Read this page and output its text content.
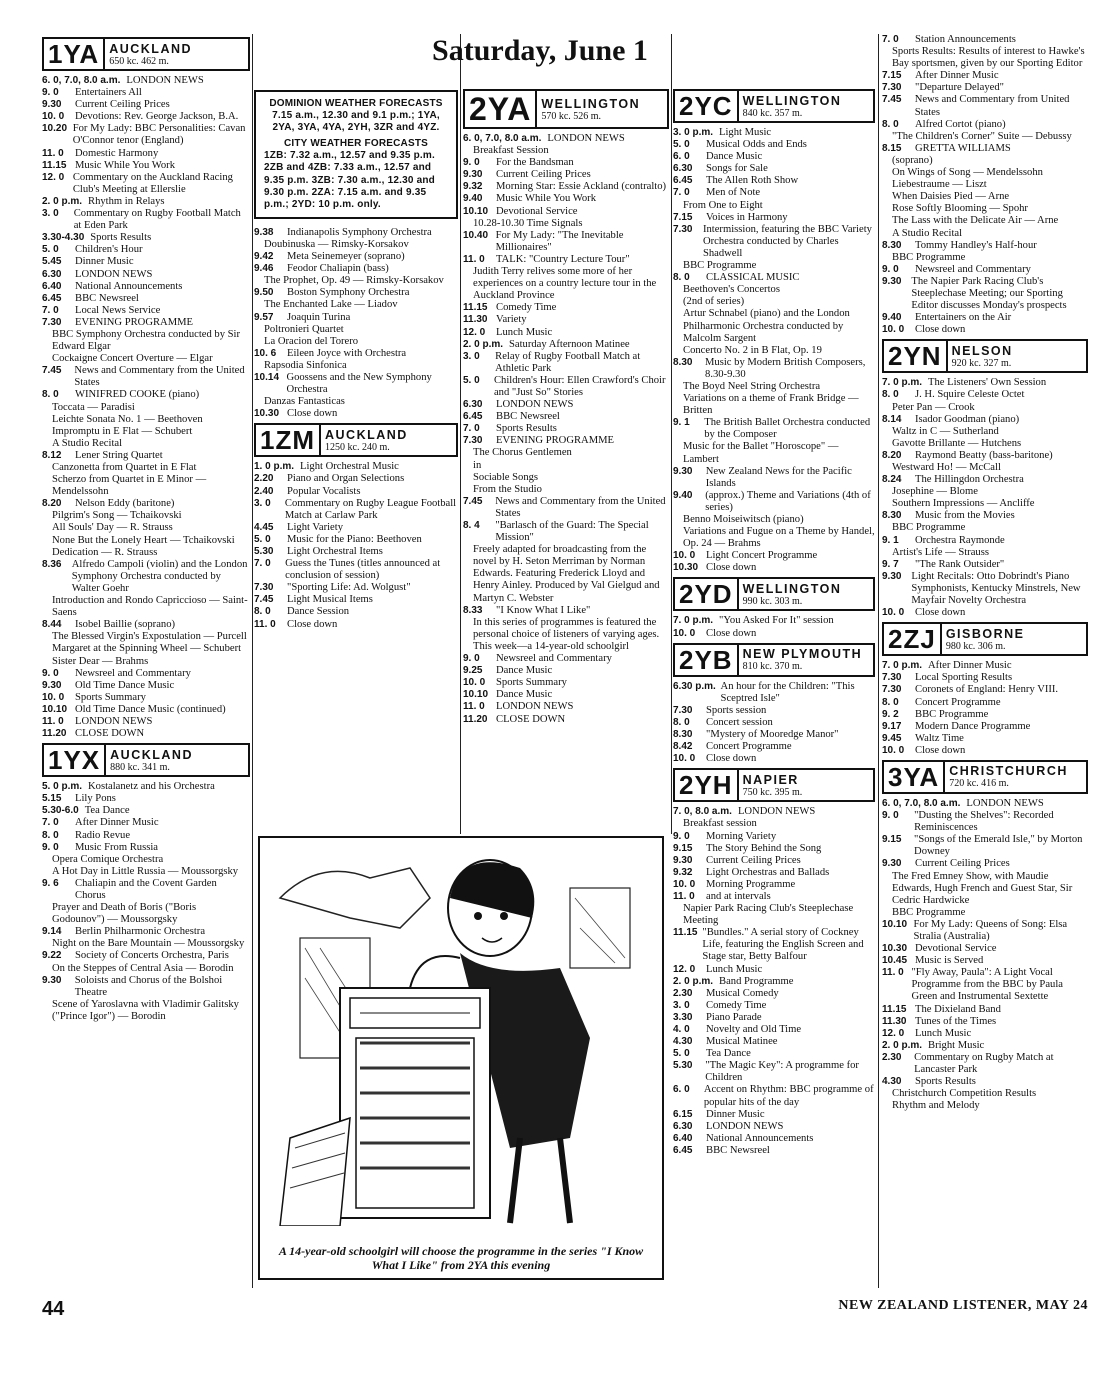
Saturday, June 1
1YA AUCKLAND
650 kc. 462 m.
6. 0, 7.0, 8.0 a.m. LONDON NEWS
9. 0	Entertainers All
9.30	Current Ceiling Prices
10. 0	Devotions: Rev. George Jackson, B.A.
10.20 For My Lady: BBC Personalities: Cavan O'Connor tenor (England)
11. 0	Domestic Harmony
11.15 Music While You Work
12. 0 Commentary on the Auckland Racing Club's Meeting at Ellerslie
2. 0 p.m. Rhythm in Relays
3. 0	Commentary on Rugby Football Match at Eden Park
3.30-4.30 Sports Results
5. 0	Children's Hour
5.45	Dinner Music
6.30	LONDON NEWS
6.40	National Announcements
6.45	BBC Newsreel
7. 0	Local News Service
7.30	EVENING PROGRAMME
BBC Symphony Orchestra conducted by Sir Edward Elgar
Cockaigne Concert Overture — Elgar
7.45	News and Commentary from the United States
8. 0	WINIFRED COOKE (piano)
Toccata — Paradisi
Leichte Sonata No. 1 — Beethoven
Impromptu in E Flat — Schubert
A Studio Recital
8.12	Lener String Quartet
Canzonetta from Quartet in E Flat
Scherzo from Quartet in E Minor — Mendelssohn
8.20	Nelson Eddy (baritone)
Pilgrim's Song — Tchaikovski
All Souls' Day — R. Strauss
None But the Lonely Heart — Tchaikovski
Dedication — R. Strauss
8.36 Alfredo Campoli (violin) and the London Symphony Orchestra conducted by Walter Goehr
Introduction and Rondo Capriccioso — Saint-Saens
8.44	Isobel Baillie (soprano)
The Blessed Virgin's Expostulation — Purcell
Margaret at the Spinning Wheel — Schubert
Sister Dear — Brahms
9. 0	Newsreel and Commentary
9.30	Old Time Dance Music
10. 0	Sports Summary
10.10 Old Time Dance Music (continued)
11. 0	LONDON NEWS
11.20 CLOSE DOWN
1YX AUCKLAND
880 kc. 341 m.
5. 0 p.m. Kostalanetz and his Orchestra
5.15	Lily Pons
5.30-6.0 Tea Dance
7. 0	After Dinner Music
8. 0	Radio Revue
9. 0	Music From Russia
Opera Comique Orchestra
A Hot Day in Little Russia — Moussorgsky
9. 6	Chaliapin and the Covent Garden Chorus
Prayer and Death of Boris ("Boris Godounov") — Moussorgsky
9.14	Berlin Philharmonic Orchestra
Night on the Bare Mountain — Moussorgsky
9.22	Society of Concerts Orchestra, Paris
On the Steppes of Central Asia — Borodin
9.30	Soloists and Chorus of the Bolshoi Theatre
Scene of Yaroslavna with Vladimir Galitsky ("Prince Igor") — Borodin
DOMINION WEATHER FORECASTS
7.15 a.m., 12.30 and 9.1 p.m.; 1YA, 2YA, 3YA, 4YA, 2YH, 3ZR and 4YZ.
CITY WEATHER FORECASTS
1ZB: 7.32 a.m., 12.57 and 9.35 p.m. 2ZB and 4ZB: 7.33 a.m., 12.57 and 9.35 p.m. 3ZB: 7.30 a.m., 12.30 and 9.30 p.m. 2ZA: 7.15 a.m. and 9.35 p.m.; 2YD: 10 p.m. only.
9.38	Indianapolis Symphony Orchestra
Doubinuska — Rimsky-Korsakov
9.42	Meta Seinemeyer (soprano)
9.46	Feodor Chaliapin (bass)
The Prophet, Op. 49 — Rimsky-Korsakov
9.50	Boston Symphony Orchestra
The Enchanted Lake — Liadov
9.57	Joaquin Turina
Poltronieri Quartet
La Oracion del Torero
10. 6	Eileen Joyce with Orchestra
Rapsodia Sinfonica
10.14 Goossens and the New Symphony Orchestra
Danzas Fantasticas
10.30 Close down
1ZM AUCKLAND
1250 kc. 240 m.
1. 0 p.m. Light Orchestral Music
2.20	Piano and Organ Selections
2.40	Popular Vocalists
3. 0	Commentary on Rugby League Football Match at Carlaw Park
4.45	Light Variety
5. 0	Music for the Piano: Beethoven
5.30	Light Orchestral Items
7. 0	Guess the Tunes (titles announced at conclusion of session)
7.30	"Sporting Life: Ad. Wolgust"
7.45	Light Musical Items
8. 0	Dance Session
11. 0	Close down
2YA WELLINGTON
570 kc. 526 m.
6. 0, 7.0, 8.0 a.m. LONDON NEWS
Breakfast Session
9. 0	For the Bandsman
9.30	Current Ceiling Prices
9.32	Morning Star: Essie Ackland (contralto)
9.40	Music While You Work
10.10 Devotional Service
10.28-10.30 Time Signals
10.40 For My Lady: "The Inevitable Millionaires"
11. 0	TALK: "Country Lecture Tour"
Judith Terry relives some more of her experiences on a country lecture tour in the Auckland Province
11.15 Comedy Time
11.30 Variety
12. 0	Lunch Music
2. 0 p.m. Saturday Afternoon Matinee
3. 0	Relay of Rugby Football Match at Athletic Park
5. 0	Children's Hour: Ellen Crawford's Choir and "Just So" Stories
6.30	LONDON NEWS
6.45	BBC Newsreel
7. 0	Sports Results
7.30	EVENING PROGRAMME
The Chorus Gentlemen
in
Sociable Songs
From the Studio
7.45	News and Commentary from the United States
8. 4	"Barlasch of the Guard: The Special Mission"
Freely adapted for broadcasting from the novel by H. Seton Merriman by Norman Edwards. Featuring Frederick Lloyd and Henry Ainley. Produced by Val Gielgud and Martyn C. Webster
8.33	"I Know What I Like"
In this series of programmes is featured the personal choice of listeners of varying ages. This week—a 14-year-old schoolgirl
9. 0	Newsreel and Commentary
9.25	Dance Music
10. 0	Sports Summary
10.10 Dance Music
11. 0	LONDON NEWS
11.20 CLOSE DOWN
2YC WELLINGTON
840 kc. 357 m.
3. 0 p.m. Light Music
5. 0	Musical Odds and Ends
6. 0	Dance Music
6.30	Songs for Sale
6.45	The Allen Roth Show
7. 0	Men of Note
From One to Eight
7.15	Voices in Harmony
7.30 Intermission, featuring the BBC Variety Orchestra conducted by Charles Shadwell
BBC Programme
8. 0	CLASSICAL MUSIC
Beethoven's Concertos
(2nd of series)
Artur Schnabel (piano) and the London Philharmonic Orchestra conducted by Malcolm Sargent
Concerto No. 2 in B Flat, Op. 19
8.30	Music by Modern British Composers, 8.30-9.30
The Boyd Neel String Orchestra
Variations on a theme of Frank Bridge — Britten
9. 1	The British Ballet Orchestra conducted by the Composer
Music for the Ballet "Horoscope" — Lambert
9.30	New Zealand News for the Pacific Islands
9.40	(approx.) Theme and Variations (4th of series)
Benno Moiseiwitsch (piano)
Variations and Fugue on a Theme by Handel, Op. 24 — Brahms
10. 0	Light Concert Programme
10.30 Close down
2YD WELLINGTON
990 kc. 303 m.
7. 0 p.m. "You Asked For It" session
10. 0	Close down
2YB NEW PLYMOUTH
810 kc. 370 m.
6.30 p.m. An hour for the Children: "This Sceptred Isle"
7.30	Sports session
8. 0	Concert session
8.30	"Mystery of Mooredge Manor"
8.42	Concert Programme
10. 0	Close down
2YH NAPIER
750 kc. 395 m.
7. 0, 8.0 a.m. LONDON NEWS
Breakfast session
9. 0	Morning Variety
9.15	The Story Behind the Song
9.30	Current Ceiling Prices
9.32	Light Orchestras and Ballads
10. 0	Morning Programme
11. 0	and at intervals
Napier Park Racing Club's Steeplechase Meeting
11.15 "Bundles." A serial story of Cockney Life, featuring the English Screen and Stage star, Betty Balfour
12. 0	Lunch Music
2. 0 p.m. Band Programme
2.30	Musical Comedy
3. 0	Comedy Time
3.30	Piano Parade
4. 0	Novelty and Old Time
4.30	Musical Matinee
5. 0	Tea Dance
5.30	"The Magic Key": A programme for Children
6. 0	Accent on Rhythm: BBC programme of popular hits of the day
6.15	Dinner Music
6.30	LONDON NEWS
6.40	National Announcements
6.45	BBC Newsreel
7. 0	Station Announcements
Sports Results: Results of interest to Hawke's Bay sportsmen, given by our Sporting Editor
7.15	After Dinner Music
7.30	"Departure Delayed"
7.45	News and Commentary from United States
8. 0	Alfred Cortot (piano)
"The Children's Corner" Suite — Debussy
8.15	GRETTA WILLIAMS
(soprano)
On Wings of Song — Mendelssohn
Liebestraume — Liszt
When Daisies Pied — Arne
Rose Softly Blooming — Spohr
The Lass with the Delicate Air — Arne
A Studio Recital
8.30	Tommy Handley's Half-hour
BBC Programme
9. 0	Newsreel and Commentary
9.30 The Napier Park Racing Club's Steeplechase Meeting; our Sporting Editor discusses Monday's prospects
9.40	Entertainers on the Air
10. 0	Close down
2YN NELSON
920 kc. 327 m.
7. 0 p.m. The Listeners' Own Session
8. 0	J. H. Squire Celeste Octet
Peter Pan — Crook
8.14	Isador Goodman (piano)
Waltz in C — Sutherland
Gavotte Brillante — Hutchens
8.20	Raymond Beatty (bass-baritone)
Westward Ho! — McCall
8.24	The Hillingdon Orchestra
Josephine — Blome
Southern Impressions — Ancliffe
8.30	Music from the Movies
BBC Programme
9. 1	Orchestra Raymonde
Artist's Life — Strauss
9. 7	"The Rank Outsider"
9.30 Light Recitals: Otto Dobrindt's Piano Symphonists, Kentucky Minstrels, New Mayfair Novelty Orchestra
10. 0	Close down
2ZJ GISBORNE
980 kc. 306 m.
7. 0 p.m. After Dinner Music
7.30	Local Sporting Results
7.30	Coronets of England: Henry VIII.
8. 0	Concert Programme
9. 2	BBC Programme
9.17	Modern Dance Programme
9.45	Waltz Time
10. 0	Close down
3YA CHRISTCHURCH
720 kc. 416 m.
6. 0, 7.0, 8.0 a.m. LONDON NEWS
9. 0	"Dusting the Shelves": Recorded Reminiscences
9.15	"Songs of the Emerald Isle," by Morton Downey
9.30	Current Ceiling Prices
The Fred Emney Show, with Maudie Edwards, Hugh French and Guest Star, Sir Cedric Hardwicke
BBC Programme
10.10 For My Lady: Queens of Song: Elsa Stralia (Australia)
10.30 Devotional Service
10.45 Music is Served
11. 0 "Fly Away, Paula": A Light Vocal Programme from the BBC by Paula Green and Instrumental Sextette
11.15 The Dixieland Band
11.30 Tunes of the Times
12. 0	Lunch Music
2. 0 p.m. Bright Music
2.30	Commentary on Rugby Match at Lancaster Park
4.30	Sports Results
Christchurch Competition Results
Rhythm and Melody
A 14-year-old schoolgirl will choose the programme in the series "I Know What I Like" from 2YA this evening
44	NEW ZEALAND LISTENER, MAY 24
